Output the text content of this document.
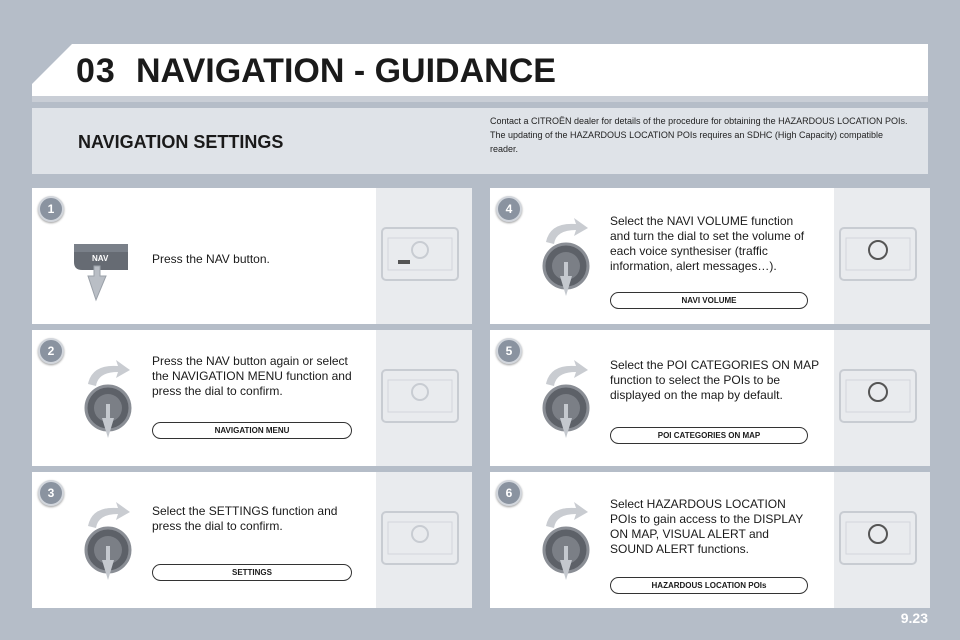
03 NAVIGATION - GUIDANCE
NAVIGATION SETTINGS

Contact a CITROËN dealer for details of the procedure for obtaining the HAZARDOUS LOCATION POIs.

The updating of the HAZARDOUS LOCATION POIs requires an SDHC (High Capacity) compatible reader.

1
NAV	Press the NAV button.
2
Press the NAV button again or select the NAVIGATION MENU function and press the dial to confirm.
NAVIGATION MENU
3
Select the SETTINGS function and press the dial to confirm.
SETTINGS
4
Select the NAVI VOLUME function and turn the dial to set the volume of each voice synthesiser (traffic information, alert messages…).
NAVI VOLUME
5
Select the POI CATEGORIES ON MAP function to select the POIs to be displayed on the map by default.
POI CATEGORIES ON MAP
6
Select HAZARDOUS LOCATION POIs to gain access to the DISPLAY ON MAP, VISUAL ALERT and SOUND ALERT functions.
HAZARDOUS LOCATION POIs
9.23
